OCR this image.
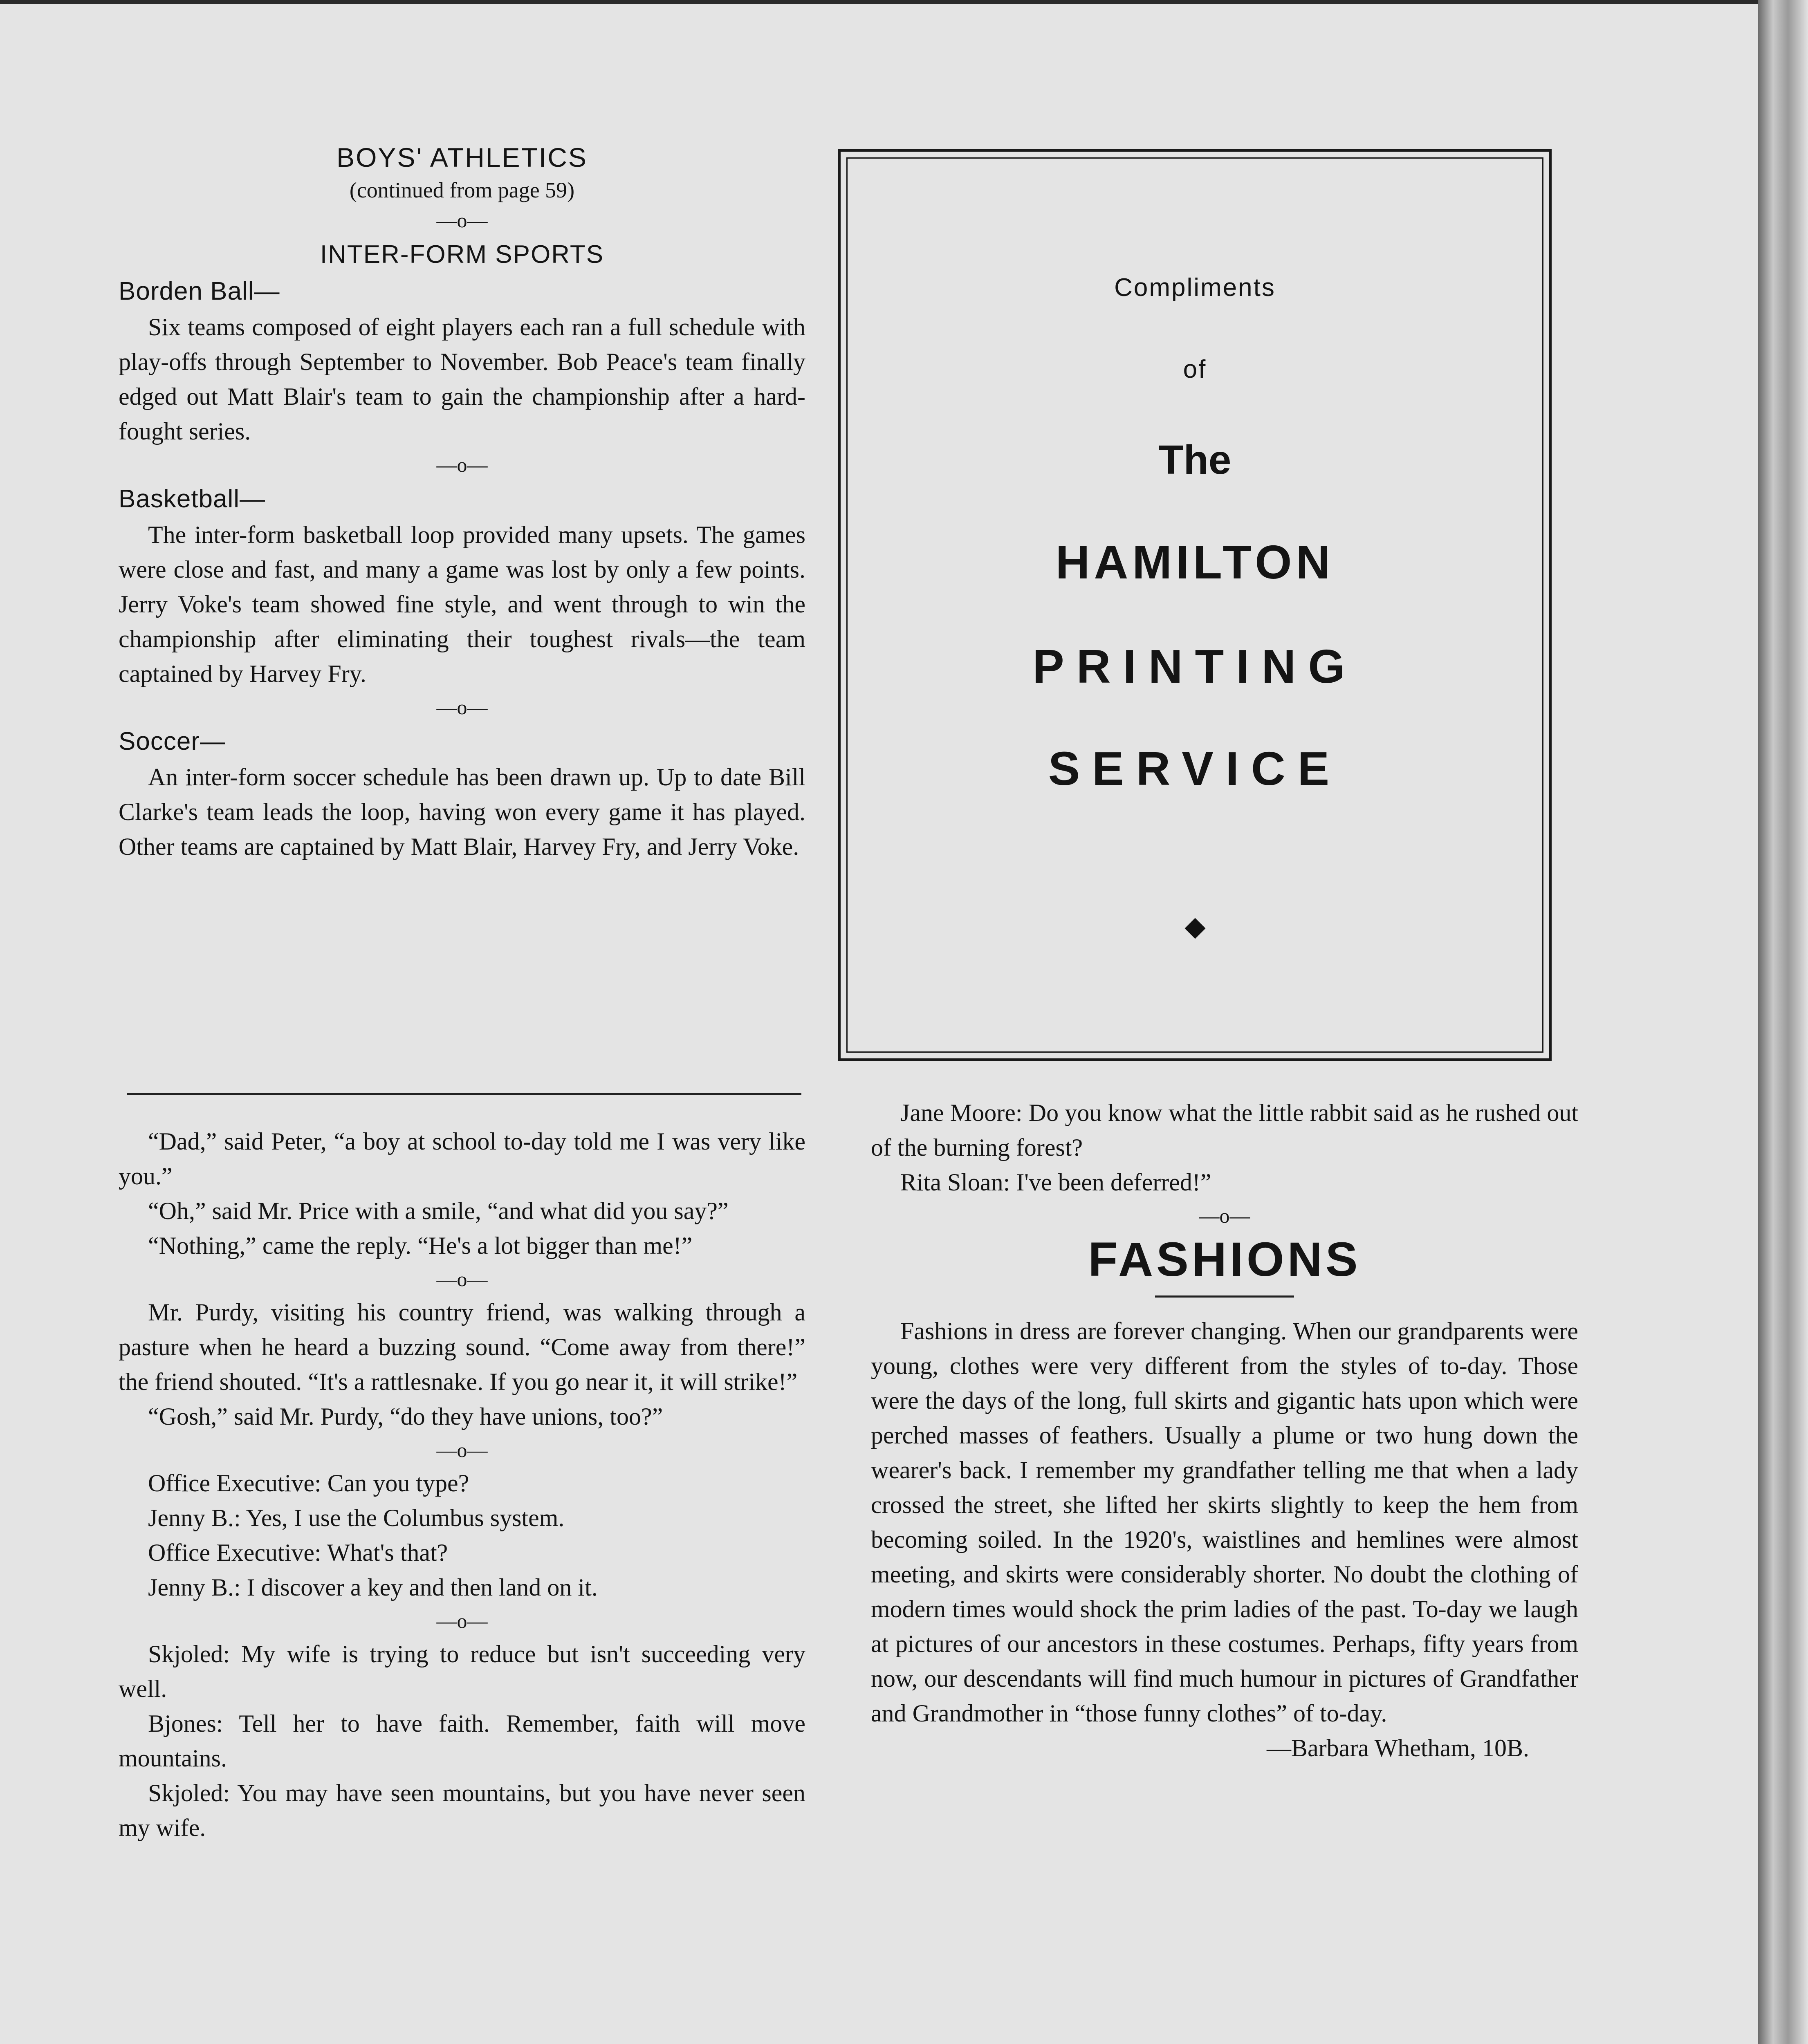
BOYS' ATHLETICS

(continued from page 59)

—o—

INTER-FORM SPORTS

Borden Ball—

Six teams composed of eight players each ran a full schedule with play-offs through September to November. Bob Peace's team finally edged out Matt Blair's team to gain the championship after a hard-fought series.

—o—

Basketball—

The inter-form basketball loop provided many upsets. The games were close and fast, and many a game was lost by only a few points. Jerry Voke's team showed fine style, and went through to win the championship after eliminating their toughest rivals—the team captained by Harvey Fry.

—o—

Soccer—

An inter-form soccer schedule has been drawn up. Up to date Bill Clarke's team leads the loop, having won every game it has played. Other teams are captained by Matt Blair, Harvey Fry, and Jerry Voke.

“Dad,” said Peter, “a boy at school to-day told me I was very like you.”

“Oh,” said Mr. Price with a smile, “and what did you say?”

“Nothing,” came the reply. “He's a lot bigger than me!”

—o—

Mr. Purdy, visiting his country friend, was walking through a pasture when he heard a buzzing sound. “Come away from there!” the friend shouted. “It's a rattlesnake. If you go near it, it will strike!”

“Gosh,” said Mr. Purdy, “do they have unions, too?”

—o—

Office Executive: Can you type?

Jenny B.: Yes, I use the Columbus system.

Office Executive: What's that?

Jenny B.: I discover a key and then land on it.

—o—

Skjoled: My wife is trying to reduce but isn't succeeding very well.

Bjones: Tell her to have faith. Remember, faith will move mountains.

Skjoled: You may have seen mountains, but you have never seen my wife.

Compliments
of
The
HAMILTON
PRINTING
SERVICE

Jane Moore: Do you know what the little rabbit said as he rushed out of the burning forest?

Rita Sloan: I've been deferred!”

—o—

FASHIONS

Fashions in dress are forever changing. When our grandparents were young, clothes were very different from the styles of to-day. Those were the days of the long, full skirts and gigantic hats upon which were perched masses of feathers. Usually a plume or two hung down the wearer's back. I remember my grandfather telling me that when a lady crossed the street, she lifted her skirts slightly to keep the hem from becoming soiled. In the 1920's, waistlines and hemlines were almost meeting, and skirts were considerably shorter. No doubt the clothing of modern times would shock the prim ladies of the past. To-day we laugh at pictures of our ancestors in these costumes. Perhaps, fifty years from now, our descendants will find much humour in pictures of Grandfather and Grandmother in “those funny clothes” of to-day.

—Barbara Whetham, 10B.
